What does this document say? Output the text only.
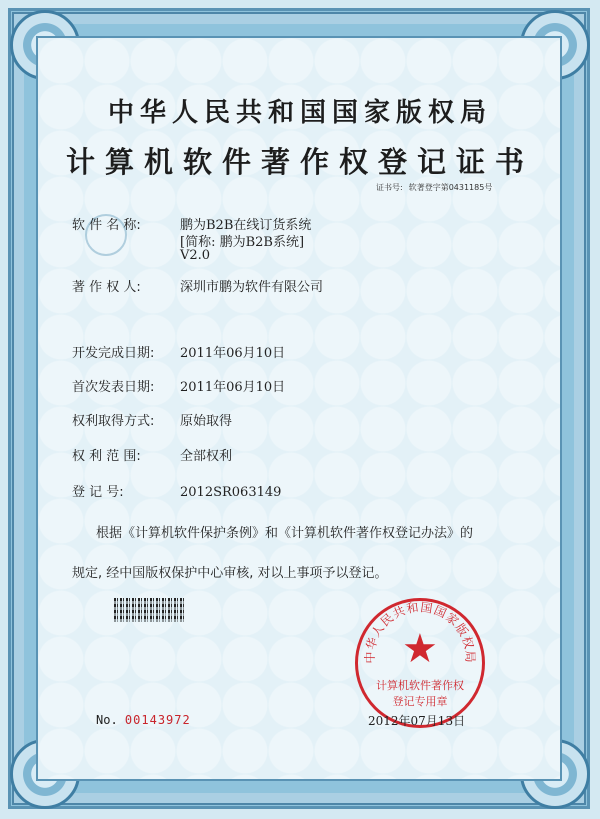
中华人民共和国国家版权局
计算机软件著作权登记证书
证书号: 软著登字第0431185号
软 件 名 称:	鹏为B2B在线订货系统
[简称: 鹏为B2B系统]
V2.0
著 作 权 人:	深圳市鹏为软件有限公司
开发完成日期: 2011年06月10日
首次发表日期: 2011年06月10日
权利取得方式: 原始取得
权 利 范 围:	全部权利
登 记 号:	2012SR063149
根据《计算机软件保护条例》和《计算机软件著作权登记办法》的
规定, 经中国版权保护中心审核, 对以上事项予以登记。
中华人民共和国国家版权局
★
计算机软件著作权
登记专用章
No. 00143972	2012年07月13日
